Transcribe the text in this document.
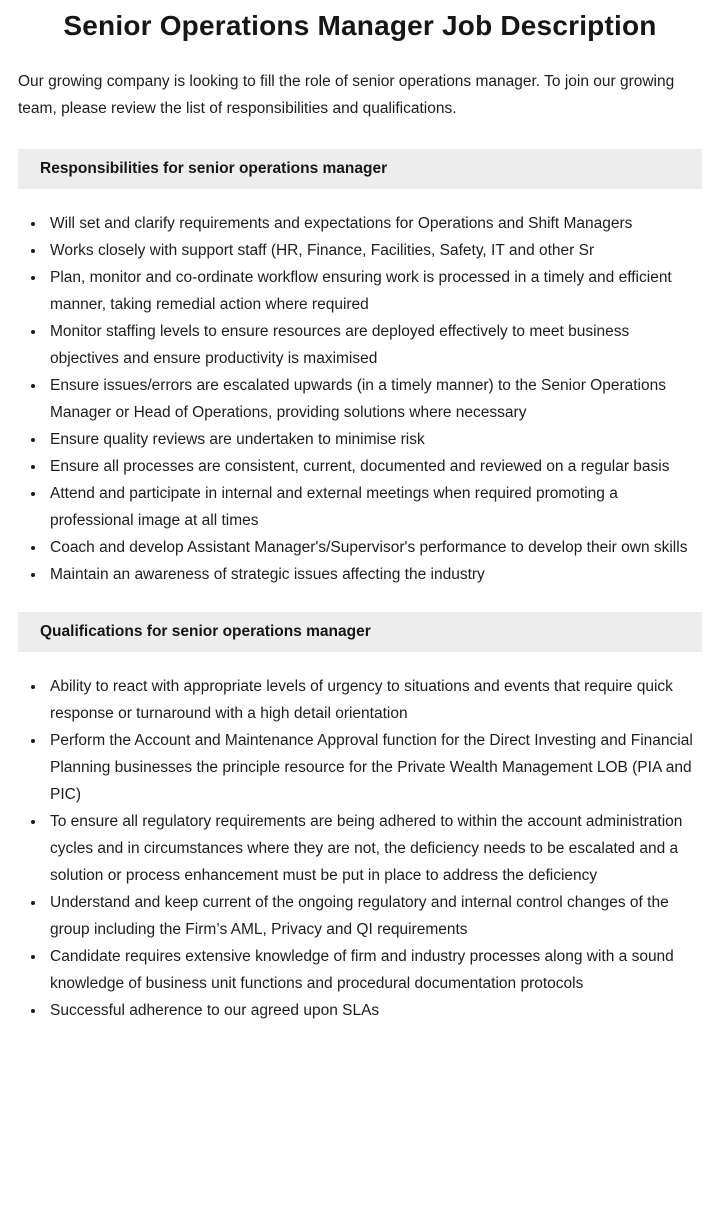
Senior Operations Manager Job Description

Our growing company is looking to fill the role of senior operations manager. To join our growing team, please review the list of responsibilities and qualifications.

Responsibilities for senior operations manager
• Will set and clarify requirements and expectations for Operations and Shift Managers
• Works closely with support staff (HR, Finance, Facilities, Safety, IT and other Sr
• Plan, monitor and co-ordinate workflow ensuring work is processed in a timely and efficient manner, taking remedial action where required
• Monitor staffing levels to ensure resources are deployed effectively to meet business objectives and ensure productivity is maximised
• Ensure issues/errors are escalated upwards (in a timely manner) to the Senior Operations Manager or Head of Operations, providing solutions where necessary
• Ensure quality reviews are undertaken to minimise risk
• Ensure all processes are consistent, current, documented and reviewed on a regular basis
• Attend and participate in internal and external meetings when required promoting a professional image at all times
• Coach and develop Assistant Manager's/Supervisor's performance to develop their own skills
• Maintain an awareness of strategic issues affecting the industry
Qualifications for senior operations manager
• Ability to react with appropriate levels of urgency to situations and events that require quick response or turnaround with a high detail orientation
• Perform the Account and Maintenance Approval function for the Direct Investing and Financial Planning businesses the principle resource for the Private Wealth Management LOB (PIA and PIC)
• To ensure all regulatory requirements are being adhered to within the account administration cycles and in circumstances where they are not, the deficiency needs to be escalated and a solution or process enhancement must be put in place to address the deficiency
• Understand and keep current of the ongoing regulatory and internal control changes of the group including the Firm’s AML, Privacy and QI requirements
• Candidate requires extensive knowledge of firm and industry processes along with a sound knowledge of business unit functions and procedural documentation protocols
• Successful adherence to our agreed upon SLAs
